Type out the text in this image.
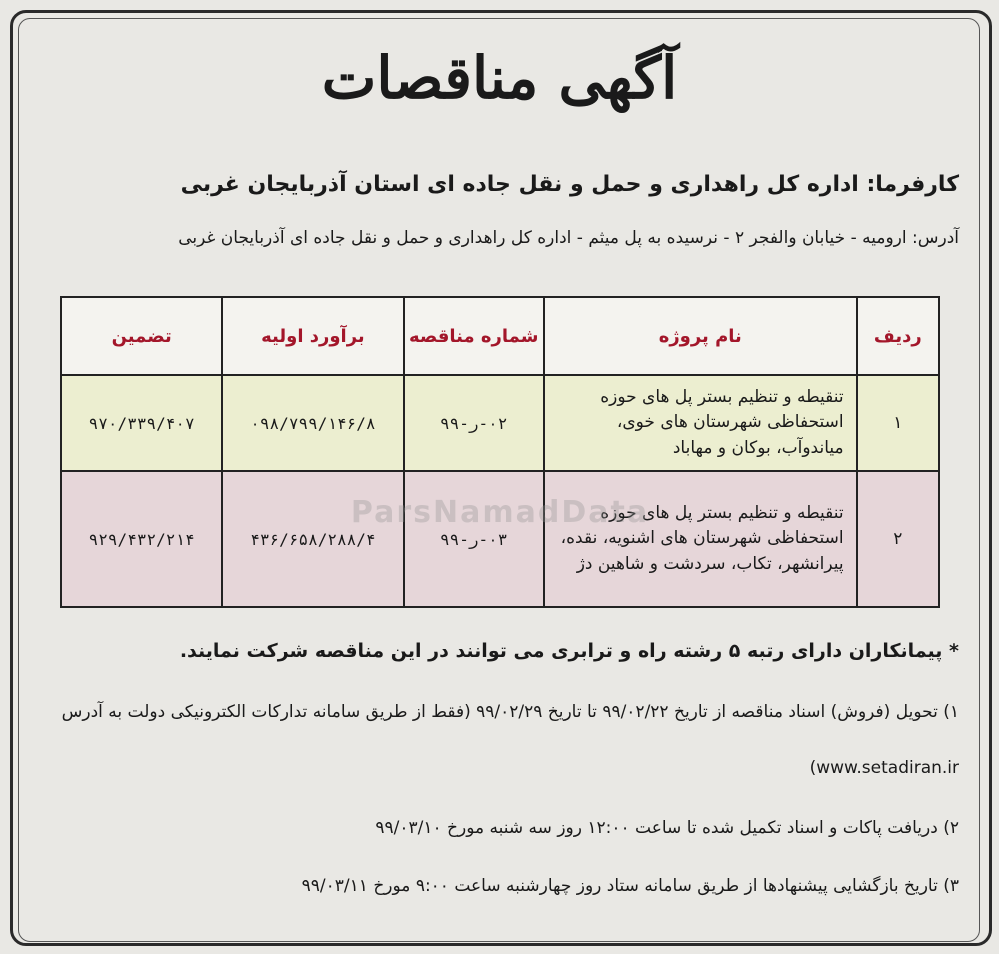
آگهی مناقصات
کارفرما: اداره کل راهداری و حمل و نقل جاده ای استان آذربایجان غربی
آدرس: ارومیه - خیابان والفجر ۲ - نرسیده به پل میثم - اداره کل راهداری و حمل و نقل جاده ای آذربایجان غربی
ردیف	نام پروژه	شماره مناقصه	برآورد اولیه	تضمین
۱	تنقیطه و تنظیم بستر پل های حوزه استحفاظی شهرستان های خوی، میاندوآب، بوکان و مهاباد	۰۲-ر-۹۹	۰۹۸/۷۹۹/۱۴۶/۸	۹۷۰/۳۳۹/۴۰۷
۲	تنقیطه و تنظیم بستر پل های حوزه استحفاظی شهرستان های اشنویه، نقده، پیرانشهر، تکاب، سردشت و شاهین دژ	۰۳-ر-۹۹	۴۳۶/۶۵۸/۲۸۸/۴	۹۲۹/۴۳۲/۲۱۴
ParsNamadData
* پیمانکاران دارای رتبه ۵ رشته راه و ترابری می توانند در این مناقصه شرکت نمایند.
۱) تحویل (فروش) اسناد مناقصه از تاریخ ۹۹/۰۲/۲۲ تا تاریخ ۹۹/۰۲/۲۹ (فقط از طریق سامانه تدارکات الکترونیکی دولت به آدرس
www.setadiran.ir)
۲) دریافت پاکات و اسناد تکمیل شده تا ساعت ۱۲:۰۰ روز سه شنبه مورخ ۹۹/۰۳/۱۰
۳) تاریخ بازگشایی پیشنهادها از طریق سامانه ستاد روز چهارشنبه ساعت ۹:۰۰ مورخ ۹۹/۰۳/۱۱
